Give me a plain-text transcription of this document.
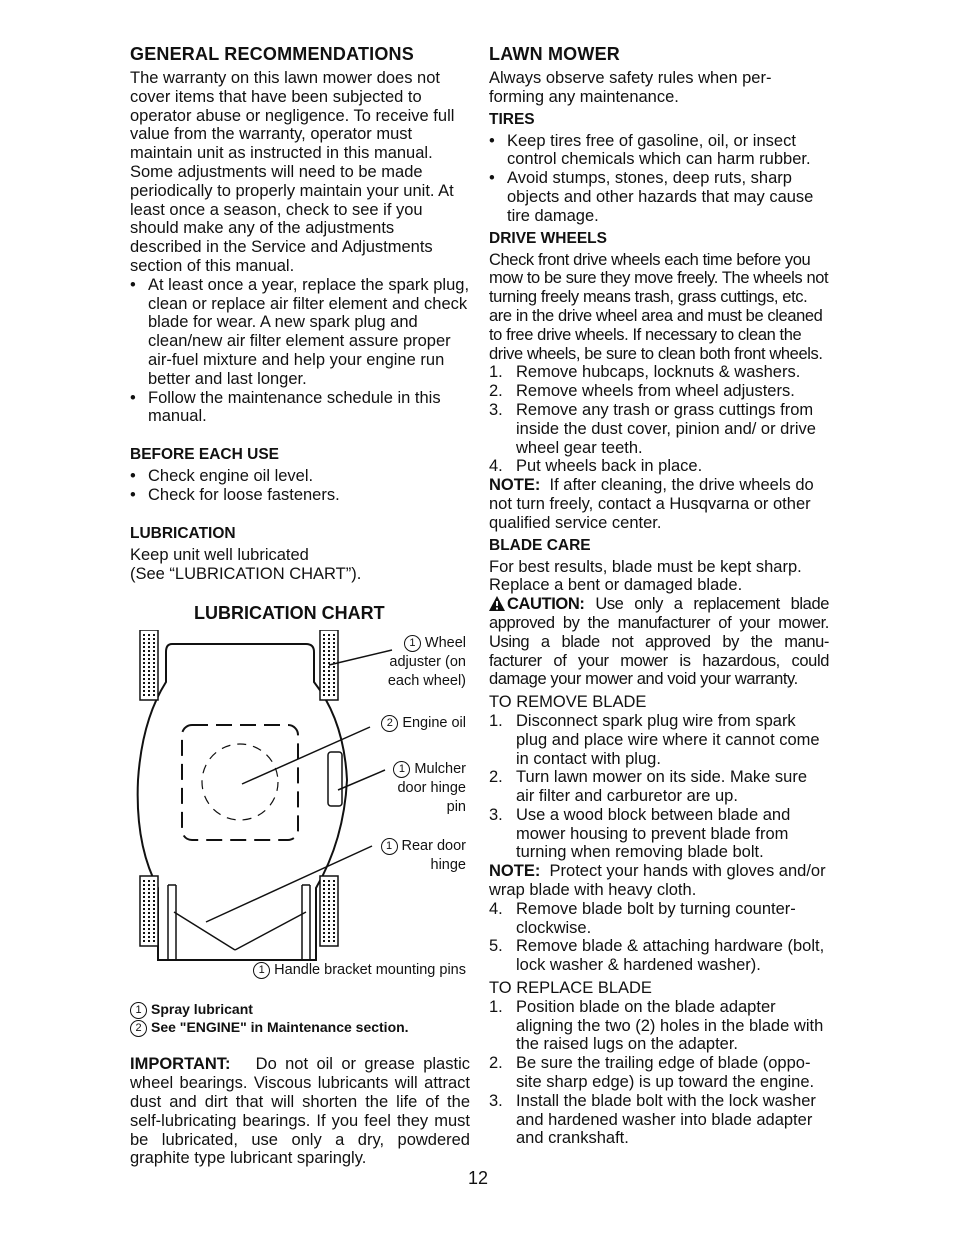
GENERAL RECOMMENDATIONS

The warranty on this lawn mower does not cover items that have been subjected to operator abuse or negligence. To receive full value from the warranty, operator must maintain unit as instructed in this manual. Some adjustments will need to be made periodically to properly maintain your unit. At least once a season, check to see if you should make any of the adjustments described in the Service and Adjustments section of this manual.

• At least once a year, replace the spark plug, clean or replace air filter element and check blade for wear. A new spark plug and clean/new air filter element assure proper air-fuel mixture and help your engine run better and last longer.
• Follow the maintenance schedule in this manual.
BEFORE EACH USE
• Check engine oil level.
• Check for loose fasteners.
LUBRICATION

Keep unit well lubricated

(See “LUBRICATION CHART”).

LUBRICATION CHART
1 Wheel adjuster (on each wheel)
2 Engine oil
1 Mulcher door hinge pin
1 Rear door hinge
1 Handle bracket mounting pins
1 Spray lubricant
2 See "ENGINE" in Maintenance section.

IMPORTANT: Do not oil or grease plastic wheel bearings. Viscous lubricants will attract dust and dirt that will shorten the life of the self-lubricating bearings. If you feel they must be lubricated, use only a dry, powdered graphite type lubricant sparingly.

LAWN MOWER

Always observe safety rules when per- forming any maintenance.

TIRES
• Keep tires free of gasoline, oil, or insect control chemicals which can harm rubber.
• Avoid stumps, stones, deep ruts, sharp objects and other hazards that may cause tire damage.
DRIVE WHEELS

Check front drive wheels each time before you mow to be sure they move freely. The wheels not turning freely means trash, grass cuttings, etc. are in the drive wheel area and must be cleaned to free drive wheels. If necessary to clean the drive wheels, be sure to clean both front wheels.

1. Remove hubcaps, locknuts & washers.
2. Remove wheels from wheel adjusters.
3. Remove any trash or grass cuttings from inside the dust cover, pinion and/ or drive wheel gear teeth.
4. Put wheels back in place.

NOTE: If after cleaning, the drive wheels do not turn freely, contact a Husqvarna or other qualified service center.

BLADE CARE

For best results, blade must be kept sharp. Replace a bent or damaged blade.

CAUTION: Use only a replacement blade approved by the manufacturer of your mower. Using a blade not approved by the manu- facturer of your mower is hazardous, could damage your mower and void your warranty.

TO REMOVE BLADE

1. Disconnect spark plug wire from spark plug and place wire where it cannot come in contact with plug.
2. Turn lawn mower on its side. Make sure air filter and carburetor are up.
3. Use a wood block between blade and mower housing to prevent blade from turning when removing blade bolt.

NOTE: Protect your hands with gloves and/or wrap blade with heavy cloth.

4. Remove blade bolt by turning counter- clockwise.
5. Remove blade & attaching hardware (bolt, lock washer & hardened washer).

TO REPLACE BLADE

1. Position blade on the blade adapter aligning the two (2) holes in the blade with the raised lugs on the adapter.
2. Be sure the trailing edge of blade (oppo- site sharp edge) is up toward the engine.
3. Install the blade bolt with the lock washer and hardened washer into blade adapter and crankshaft.
12
